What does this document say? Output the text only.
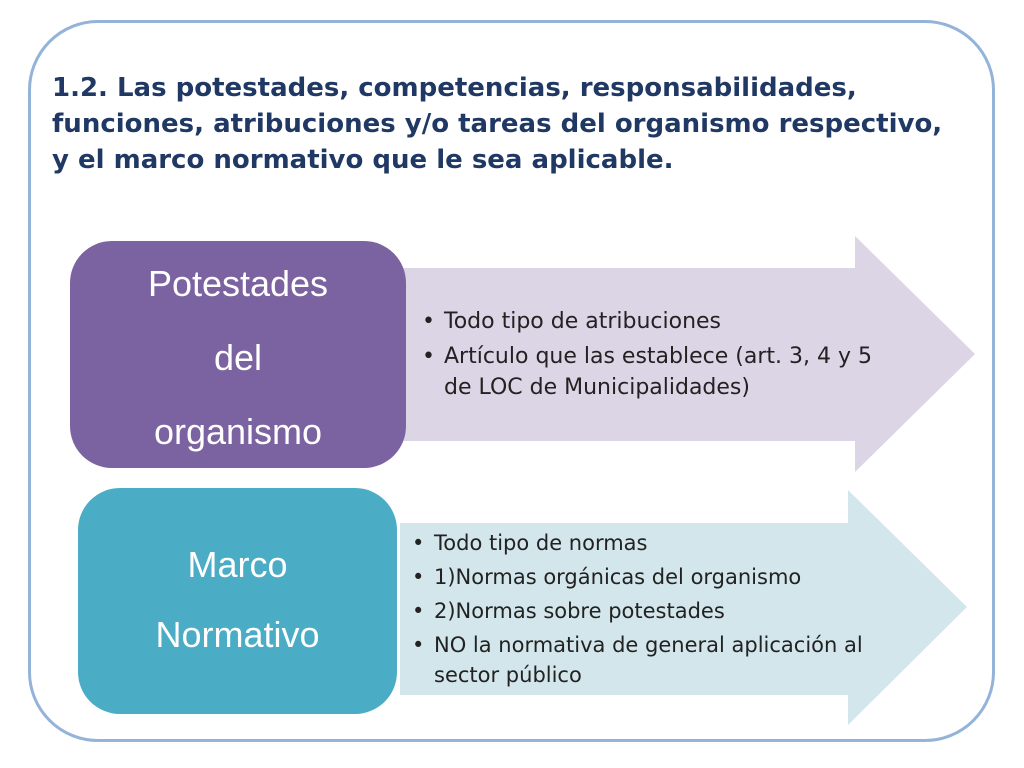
1.2. Las potestades, competencias, responsabilidades, funciones, atribuciones y/o tareas del organismo respectivo, y el marco normativo que le sea aplicable.
• Todo tipo de atribuciones
• Artículo que las establece (art. 3, 4 y 5 de LOC de Municipalidades)
Potestades
del
organismo
• Todo tipo de normas
• 1)Normas orgánicas del organismo
• 2)Normas sobre potestades
• NO la normativa de general aplicación al sector público
Marco
Normativo
